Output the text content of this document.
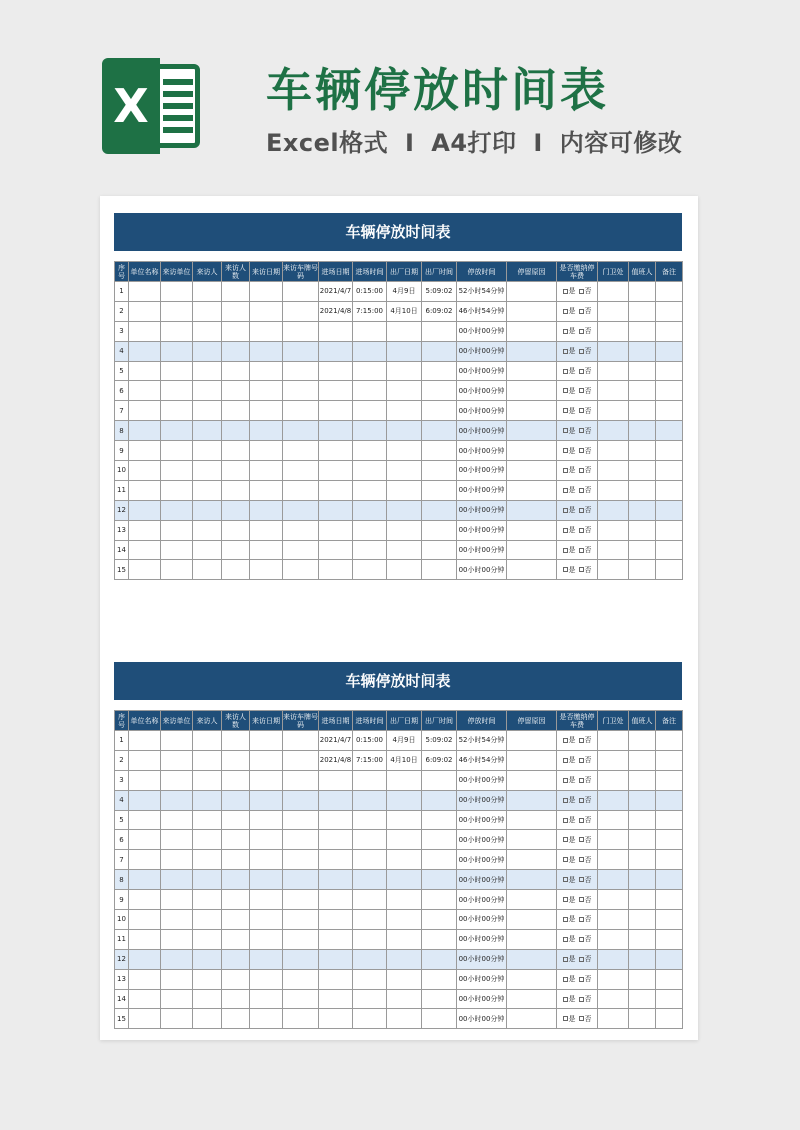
X	车辆停放时间表
Excel格式 I A4打印 I 内容可修改
车辆停放时间表
序号	单位名称	来访单位	来访人	来访人数	来访日期	来访车牌号码	进场日期	进场时间	出厂日期	出厂时间	停放时间	停留原因	是否缴纳停车费	门卫处	值班人	备注
1							2021/4/7	0:15:00	4月9日	5:09:02	52小时54分钟		是 否			
2							2021/4/8	7:15:00	4月10日	6:09:02	46小时54分钟		是 否			
3											00小时00分钟		是 否			
4											00小时00分钟		是 否			
5											00小时00分钟		是 否			
6											00小时00分钟		是 否			
7											00小时00分钟		是 否			
8											00小时00分钟		是 否			
9											00小时00分钟		是 否			
10											00小时00分钟		是 否			
11											00小时00分钟		是 否			
12											00小时00分钟		是 否			
13											00小时00分钟		是 否			
14											00小时00分钟		是 否			
15											00小时00分钟		是 否			
车辆停放时间表
序号	单位名称	来访单位	来访人	来访人数	来访日期	来访车牌号码	进场日期	进场时间	出厂日期	出厂时间	停放时间	停留原因	是否缴纳停车费	门卫处	值班人	备注
1							2021/4/7	0:15:00	4月9日	5:09:02	52小时54分钟		是 否			
2							2021/4/8	7:15:00	4月10日	6:09:02	46小时54分钟		是 否			
3											00小时00分钟		是 否			
4											00小时00分钟		是 否			
5											00小时00分钟		是 否			
6											00小时00分钟		是 否			
7											00小时00分钟		是 否			
8											00小时00分钟		是 否			
9											00小时00分钟		是 否			
10											00小时00分钟		是 否			
11											00小时00分钟		是 否			
12											00小时00分钟		是 否			
13											00小时00分钟		是 否			
14											00小时00分钟		是 否			
15											00小时00分钟		是 否			
